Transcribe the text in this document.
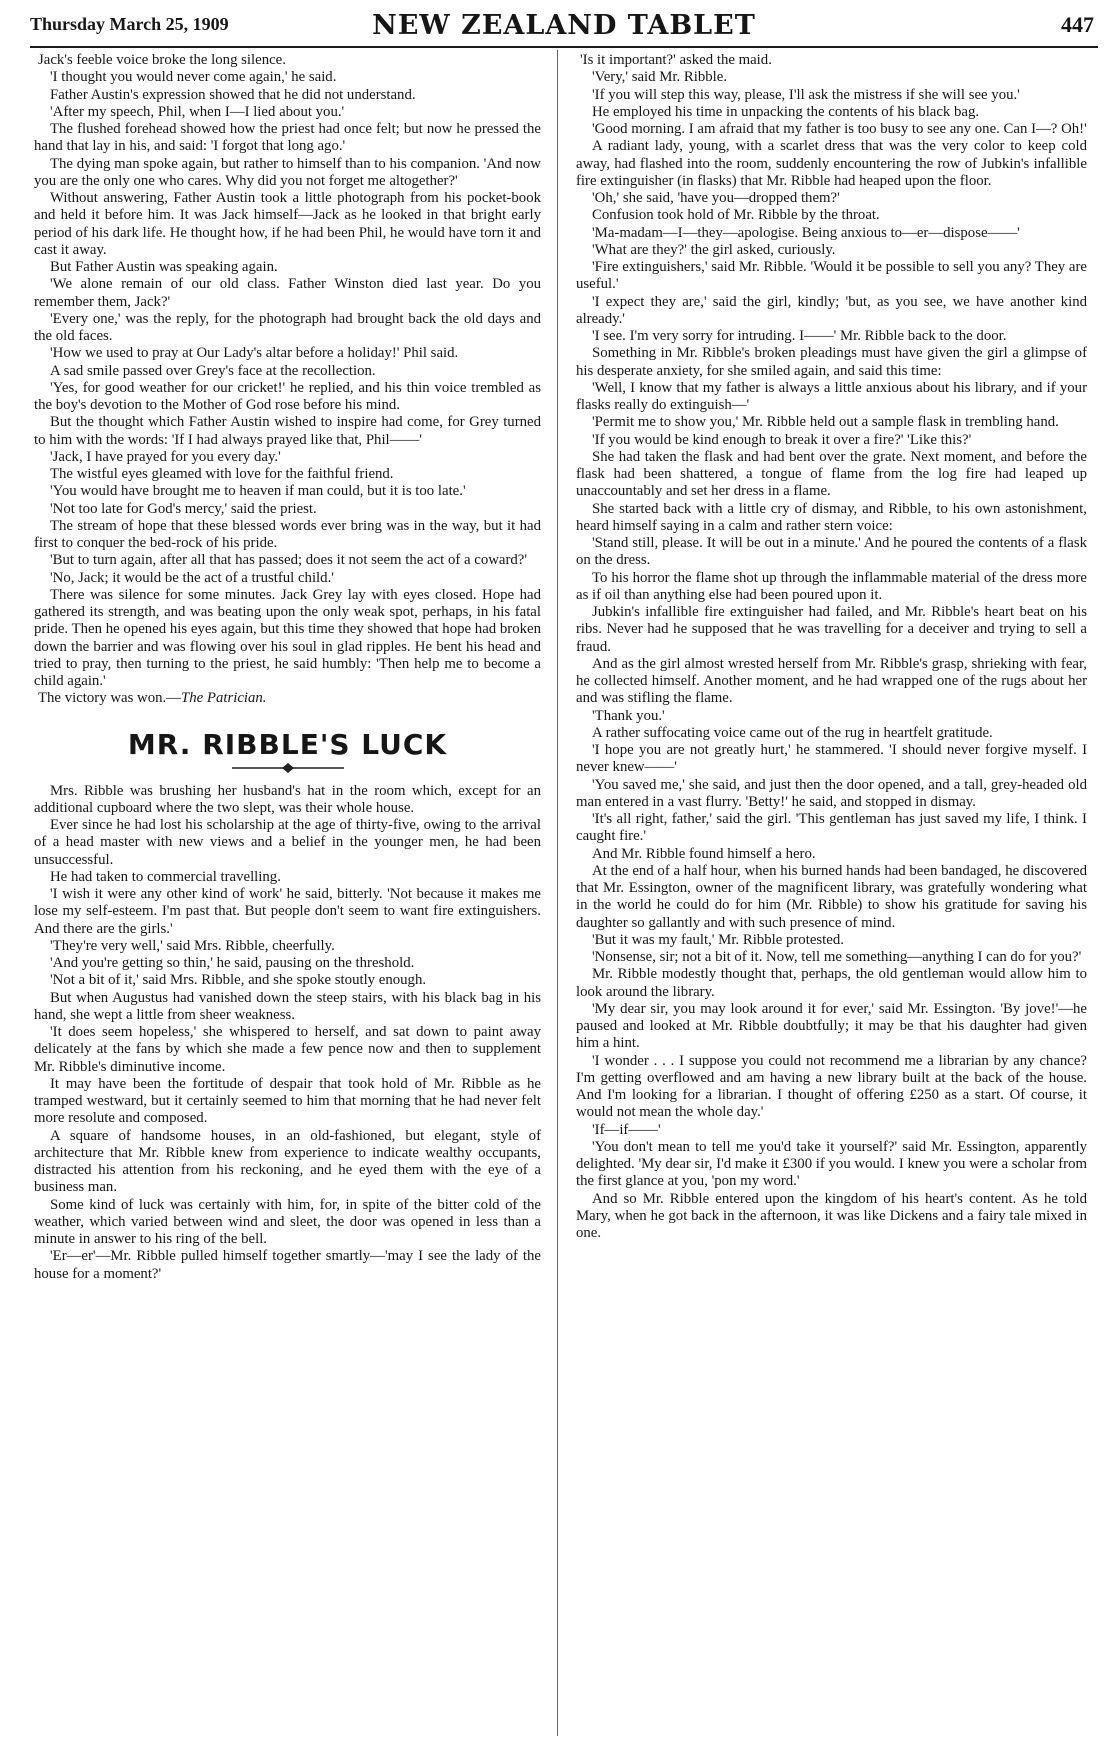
Thursday March 25, 1909	NEW ZEALAND TABLET	447

Jack's feeble voice broke the long silence.

'I thought you would never come again,' he said.

Father Austin's expression showed that he did not understand.

'After my speech, Phil, when I—I lied about you.'

The flushed forehead showed how the priest had once felt; but now he pressed the hand that lay in his, and said: 'I forgot that long ago.'

The dying man spoke again, but rather to himself than to his companion. 'And now you are the only one who cares. Why did you not forget me altogether?'

Without answering, Father Austin took a little photograph from his pocket-book and held it before him. It was Jack himself—Jack as he looked in that bright early period of his dark life. He thought how, if he had been Phil, he would have torn it and cast it away.

But Father Austin was speaking again.

'We alone remain of our old class. Father Winston died last year. Do you remember them, Jack?'

'Every one,' was the reply, for the photograph had brought back the old days and the old faces.

'How we used to pray at Our Lady's altar before a holiday!' Phil said.

A sad smile passed over Grey's face at the recollection.

'Yes, for good weather for our cricket!' he replied, and his thin voice trembled as the boy's devotion to the Mother of God rose before his mind.

But the thought which Father Austin wished to inspire had come, for Grey turned to him with the words: 'If I had always prayed like that, Phil——'

'Jack, I have prayed for you every day.'

The wistful eyes gleamed with love for the faithful friend.

'You would have brought me to heaven if man could, but it is too late.'

'Not too late for God's mercy,' said the priest.

The stream of hope that these blessed words ever bring was in the way, but it had first to conquer the bed-rock of his pride.

'But to turn again, after all that has passed; does it not seem the act of a coward?'

'No, Jack; it would be the act of a trustful child.'

There was silence for some minutes. Jack Grey lay with eyes closed. Hope had gathered its strength, and was beating upon the only weak spot, perhaps, in his fatal pride. Then he opened his eyes again, but this time they showed that hope had broken down the barrier and was flowing over his soul in glad ripples. He bent his head and tried to pray, then turning to the priest, he said humbly: 'Then help me to become a child again.'

The victory was won.—The Patrician.

MR. RIBBLE'S LUCK

Mrs. Ribble was brushing her husband's hat in the room which, except for an additional cupboard where the two slept, was their whole house.

Ever since he had lost his scholarship at the age of thirty-five, owing to the arrival of a head master with new views and a belief in the younger men, he had been unsuccessful.

He had taken to commercial travelling.

'I wish it were any other kind of work' he said, bitterly. 'Not because it makes me lose my self-esteem. I'm past that. But people don't seem to want fire extinguishers. And there are the girls.'

'They're very well,' said Mrs. Ribble, cheerfully.

'And you're getting so thin,' he said, pausing on the threshold.

'Not a bit of it,' said Mrs. Ribble, and she spoke stoutly enough.

But when Augustus had vanished down the steep stairs, with his black bag in his hand, she wept a little from sheer weakness.

'It does seem hopeless,' she whispered to herself, and sat down to paint away delicately at the fans by which she made a few pence now and then to supplement Mr. Ribble's diminutive income.

It may have been the fortitude of despair that took hold of Mr. Ribble as he tramped westward, but it certainly seemed to him that morning that he had never felt more resolute and composed.

A square of handsome houses, in an old-fashioned, but elegant, style of architecture that Mr. Ribble knew from experience to indicate wealthy occupants, distracted his attention from his reckoning, and he eyed them with the eye of a business man.

Some kind of luck was certainly with him, for, in spite of the bitter cold of the weather, which varied between wind and sleet, the door was opened in less than a minute in answer to his ring of the bell.

'Er—er'—Mr. Ribble pulled himself together smartly—'may I see the lady of the house for a moment?'

'Is it important?' asked the maid.

'Very,' said Mr. Ribble.

'If you will step this way, please, I'll ask the mistress if she will see you.'

He employed his time in unpacking the contents of his black bag.

'Good morning. I am afraid that my father is too busy to see any one. Can I—? Oh!'

A radiant lady, young, with a scarlet dress that was the very color to keep cold away, had flashed into the room, suddenly encountering the row of Jubkin's infallible fire extinguisher (in flasks) that Mr. Ribble had heaped upon the floor.

'Oh,' she said, 'have you—dropped them?'

Confusion took hold of Mr. Ribble by the throat.

'Ma-madam—I—they—apologise. Being anxious to—er—dispose——'

'What are they?' the girl asked, curiously.

'Fire extinguishers,' said Mr. Ribble. 'Would it be possible to sell you any? They are useful.'

'I expect they are,' said the girl, kindly; 'but, as you see, we have another kind already.'

'I see. I'm very sorry for intruding. I——' Mr. Ribble back to the door.

Something in Mr. Ribble's broken pleadings must have given the girl a glimpse of his desperate anxiety, for she smiled again, and said this time:

'Well, I know that my father is always a little anxious about his library, and if your flasks really do extinguish—'

'Permit me to show you,' Mr. Ribble held out a sample flask in trembling hand.

'If you would be kind enough to break it over a fire?' 'Like this?'

She had taken the flask and had bent over the grate. Next moment, and before the flask had been shattered, a tongue of flame from the log fire had leaped up unaccountably and set her dress in a flame.

She started back with a little cry of dismay, and Ribble, to his own astonishment, heard himself saying in a calm and rather stern voice:

'Stand still, please. It will be out in a minute.' And he poured the contents of a flask on the dress.

To his horror the flame shot up through the inflammable material of the dress more as if oil than anything else had been poured upon it.

Jubkin's infallible fire extinguisher had failed, and Mr. Ribble's heart beat on his ribs. Never had he supposed that he was travelling for a deceiver and trying to sell a fraud.

And as the girl almost wrested herself from Mr. Ribble's grasp, shrieking with fear, he collected himself. Another moment, and he had wrapped one of the rugs about her and was stifling the flame.

'Thank you.'

A rather suffocating voice came out of the rug in heartfelt gratitude.

'I hope you are not greatly hurt,' he stammered. 'I should never forgive myself. I never knew——'

'You saved me,' she said, and just then the door opened, and a tall, grey-headed old man entered in a vast flurry. 'Betty!' he said, and stopped in dismay.

'It's all right, father,' said the girl. 'This gentleman has just saved my life, I think. I caught fire.'

And Mr. Ribble found himself a hero.

At the end of a half hour, when his burned hands had been bandaged, he discovered that Mr. Essington, owner of the magnificent library, was gratefully wondering what in the world he could do for him (Mr. Ribble) to show his gratitude for saving his daughter so gallantly and with such presence of mind.

'But it was my fault,' Mr. Ribble protested.

'Nonsense, sir; not a bit of it. Now, tell me something—anything I can do for you?'

Mr. Ribble modestly thought that, perhaps, the old gentleman would allow him to look around the library.

'My dear sir, you may look around it for ever,' said Mr. Essington. 'By jove!'—he paused and looked at Mr. Ribble doubtfully; it may be that his daughter had given him a hint.

'I wonder . . . I suppose you could not recommend me a librarian by any chance? I'm getting overflowed and am having a new library built at the back of the house. And I'm looking for a librarian. I thought of offering £250 as a start. Of course, it would not mean the whole day.'

'If—if——'

'You don't mean to tell me you'd take it yourself?' said Mr. Essington, apparently delighted. 'My dear sir, I'd make it £300 if you would. I knew you were a scholar from the first glance at you, 'pon my word.'

And so Mr. Ribble entered upon the kingdom of his heart's content. As he told Mary, when he got back in the afternoon, it was like Dickens and a fairy tale mixed in one.
